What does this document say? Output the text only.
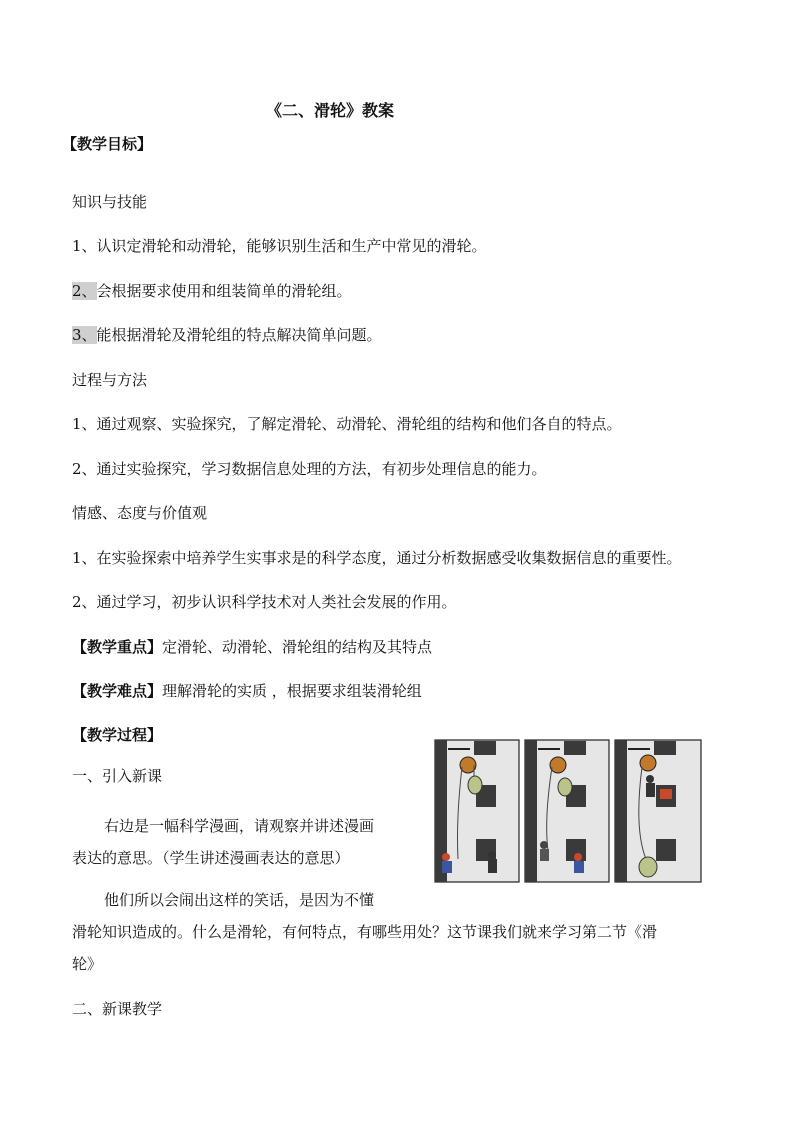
《二、滑轮》教案
【教学目标】
知识与技能
1、认识定滑轮和动滑轮，能够识别生活和生产中常见的滑轮。
2、会根据要求使用和组装简单的滑轮组。
3、能根据滑轮及滑轮组的特点解决简单问题。
过程与方法
1、通过观察、实验探究，了解定滑轮、动滑轮、滑轮组的结构和他们各自的特点。
2、通过实验探究，学习数据信息处理的方法，有初步处理信息的能力。
情感、态度与价值观
1、在实验探索中培养学生实事求是的科学态度，通过分析数据感受收集数据信息的重要性。
2、通过学习，初步认识科学技术对人类社会发展的作用。
【教学重点】定滑轮、动滑轮、滑轮组的结构及其特点
【教学难点】理解滑轮的实质 ，根据要求组装滑轮组
【教学过程】
一、引入新课
右边是一幅科学漫画，请观察并讲述漫画
表达的意思。（学生讲述漫画表达的意思）
他们所以会闹出这样的笑话，是因为不懂
滑轮知识造成的。什么是滑轮，有何特点，有哪些用处？这节课我们就来学习第二节《滑
轮》
二、新课教学
